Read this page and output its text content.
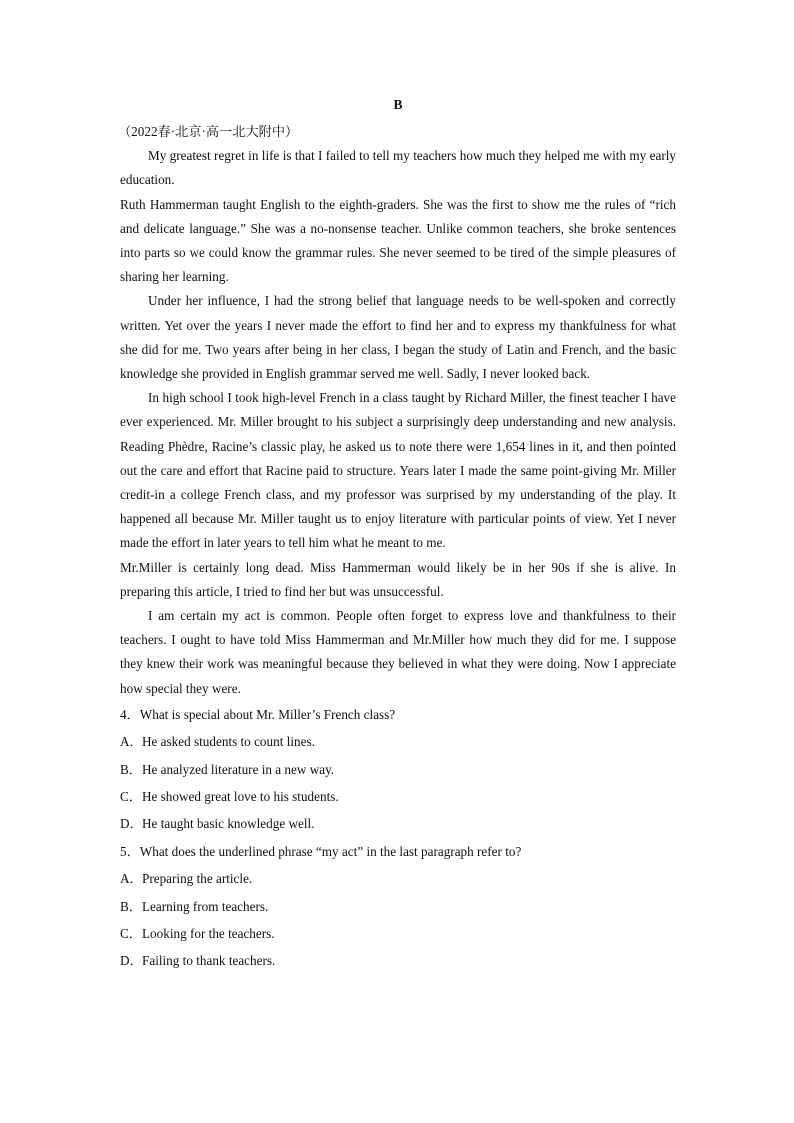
B
（2022春·北京·高一北大附中）

My greatest regret in life is that I failed to tell my teachers how much they helped me with my early education.

Ruth Hammerman taught English to the eighth-graders. She was the first to show me the rules of “rich and delicate language.” She was a no-nonsense teacher. Unlike common teachers, she broke sentences into parts so we could know the grammar rules. She never seemed to be tired of the simple pleasures of sharing her learning.

Under her influence, I had the strong belief that language needs to be well-spoken and correctly written. Yet over the years I never made the effort to find her and to express my thankfulness for what she did for me. Two years after being in her class, I began the study of Latin and French, and the basic knowledge she provided in English grammar served me well. Sadly, I never looked back.

In high school I took high-level French in a class taught by Richard Miller, the finest teacher I have ever experienced. Mr. Miller brought to his subject a surprisingly deep understanding and new analysis. Reading Phèdre, Racine’s classic play, he asked us to note there were 1,654 lines in it, and then pointed out the care and effort that Racine paid to structure. Years later I made the same point-giving Mr. Miller credit-in a college French class, and my professor was surprised by my understanding of the play. It happened all because Mr. Miller taught us to enjoy literature with particular points of view. Yet I never made the effort in later years to tell him what he meant to me.

Mr.Miller is certainly long dead. Miss Hammerman would likely be in her 90s if she is alive. In preparing this article, I tried to find her but was unsuccessful.

I am certain my act is common. People often forget to express love and thankfulness to their teachers. I ought to have told Miss Hammerman and Mr.Miller how much they did for me. I suppose they knew their work was meaningful because they believed in what they were doing. Now I appreciate how special they were.

4．What is special about Mr. Miller’s French class?
A．He asked students to count lines.
B．He analyzed literature in a new way.
C．He showed great love to his students.
D．He taught basic knowledge well.
5．What does the underlined phrase “my act” in the last paragraph refer to?
A．Preparing the article.
B．Learning from teachers.
C．Looking for the teachers.
D．Failing to thank teachers.
